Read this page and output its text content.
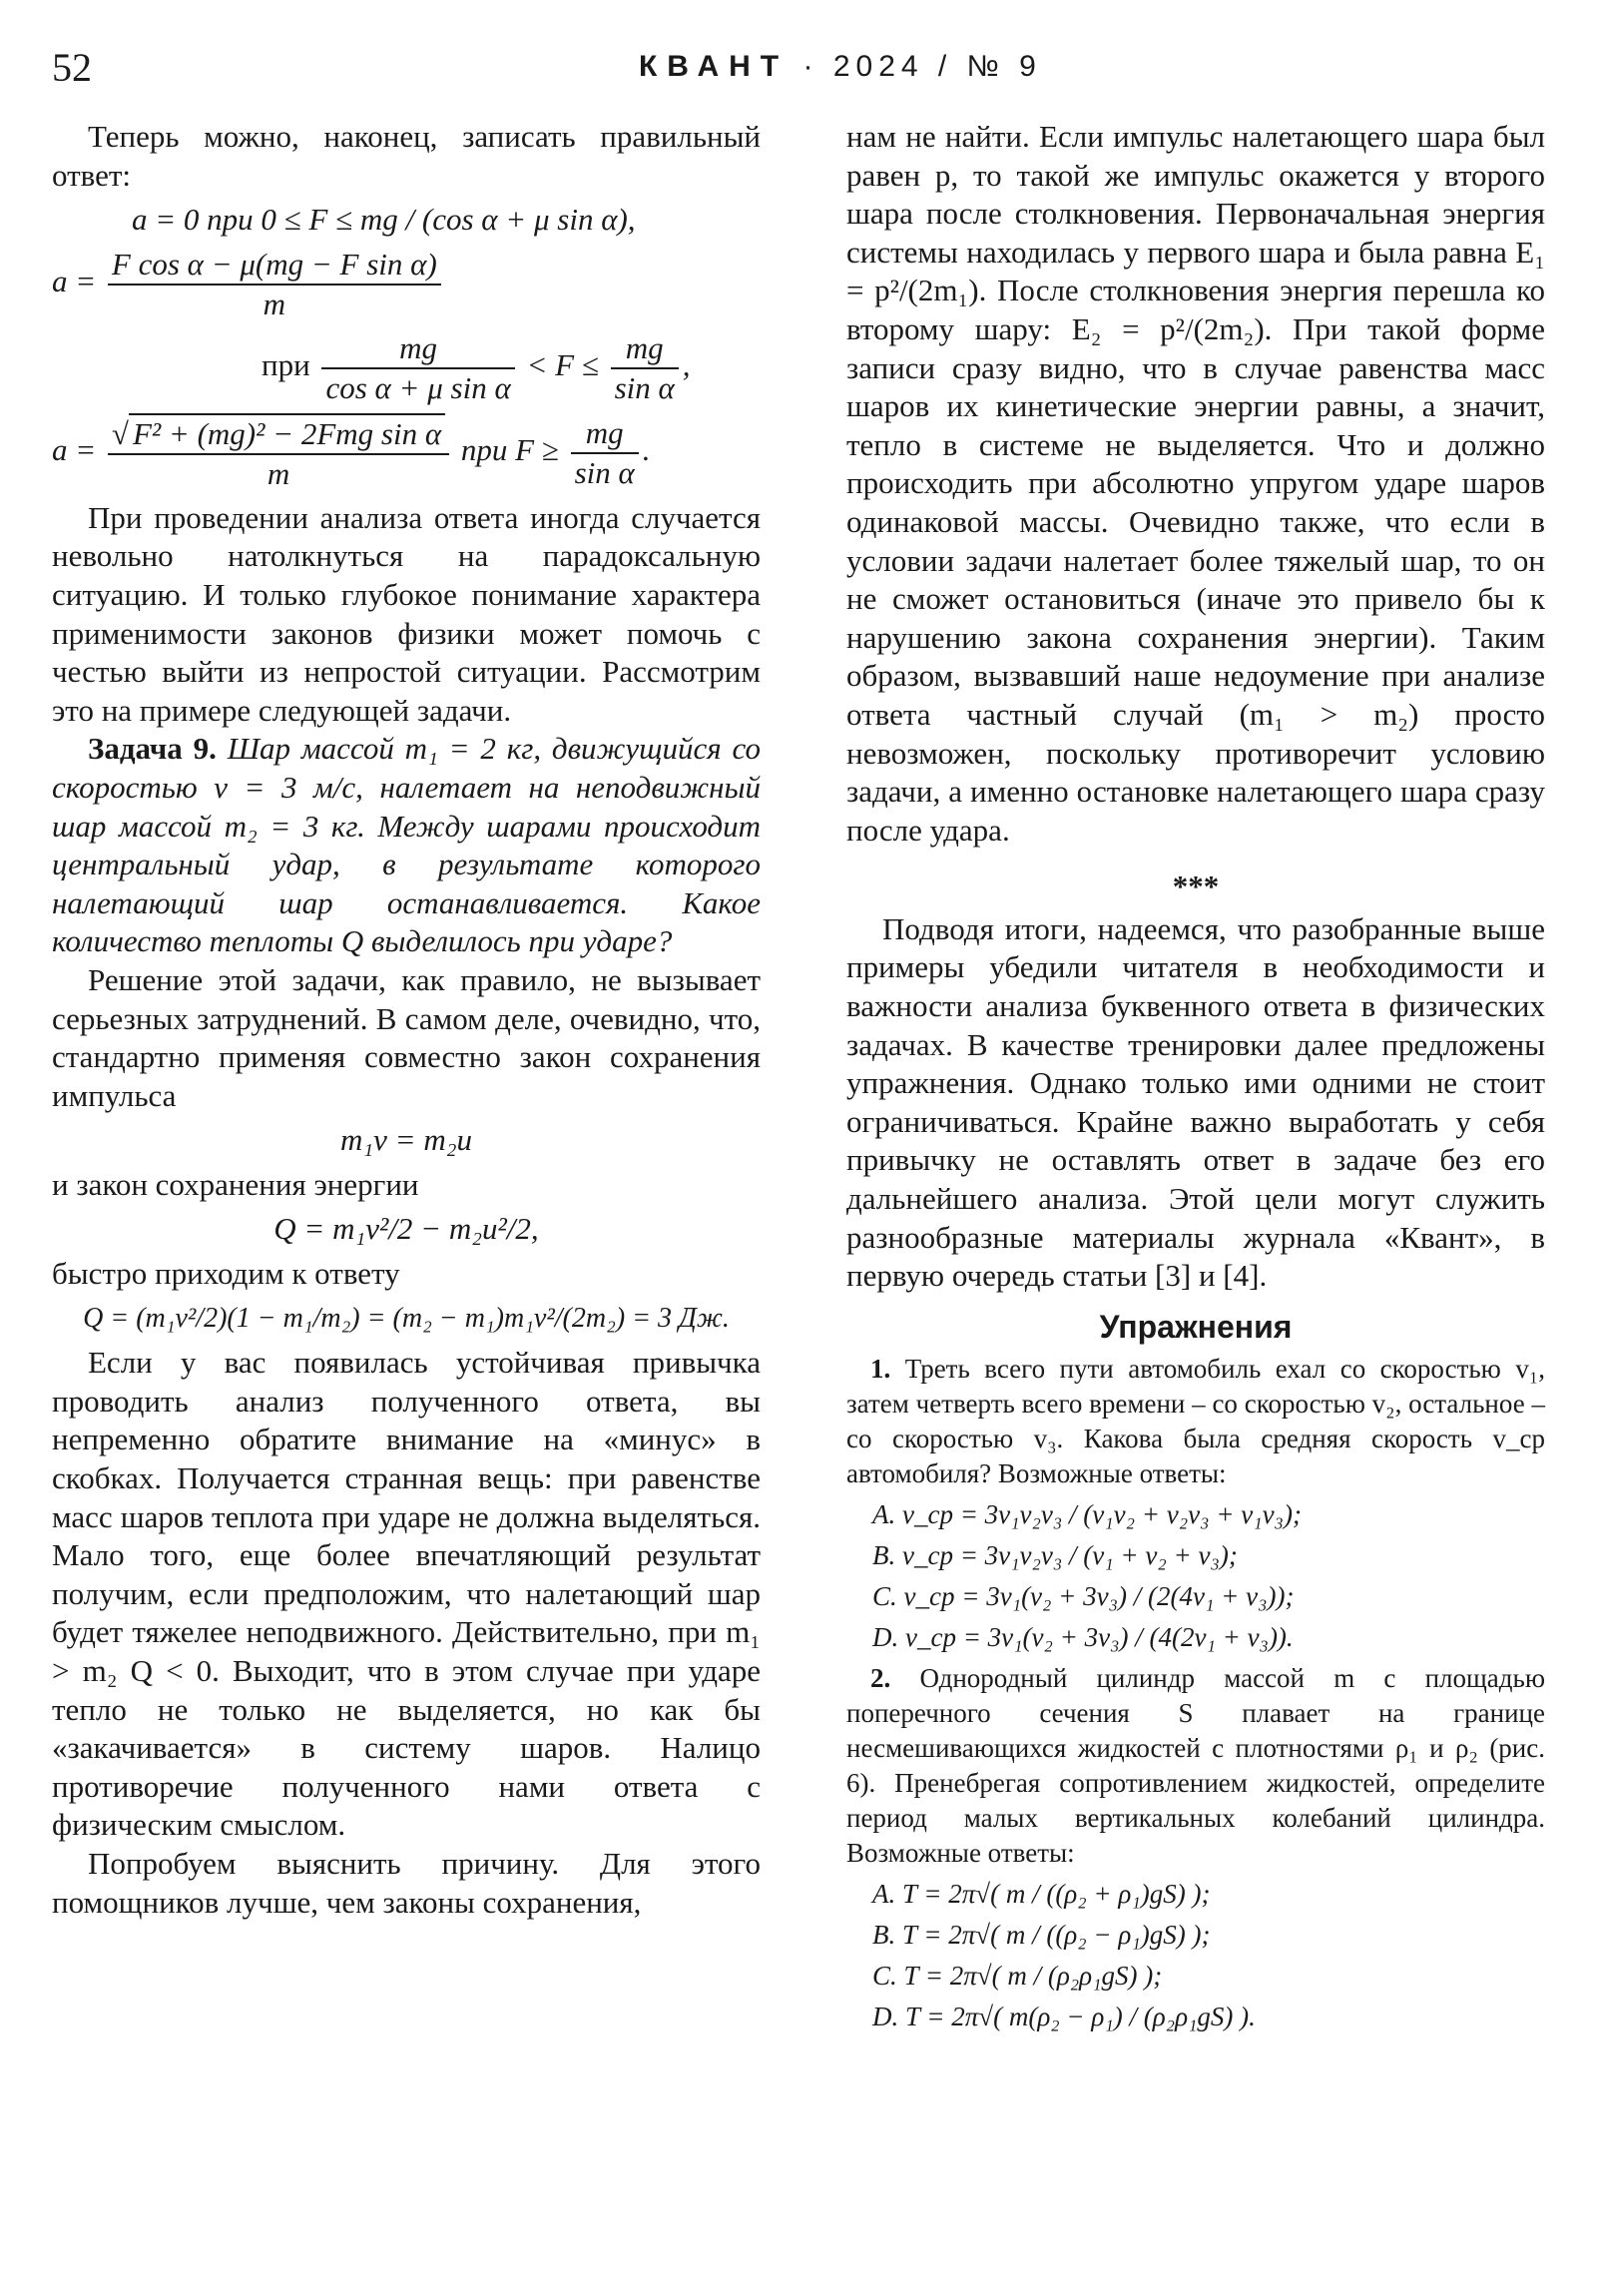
52	КВАНТ · 2024 / № 9

Теперь можно, наконец, записать правильный ответ:

a = 0 при 0 ≤ F ≤ mg / (cos α + μ sin α),
$a = \frac{\text{F cos α − μ(mg − F sin α)}}{m}$
при $\frac{mg}{\text{cos α + μ sin α}} < F \le \frac{mg}{\text{sin α}}$ ,
$a = \frac{\text{√ F² + (mg)² − 2Fmg sin α}}{m}$ при $F \ge \frac{mg}{\text{sin α}}$ .

При проведении анализа ответа иногда случается невольно натолкнуться на парадоксальную ситуацию. И только глубокое понимание характера применимости законов физики может помочь с честью выйти из непростой ситуации. Рассмотрим это на примере следующей задачи.

Задача 9. Шар массой m₁ = 2 кг, движущийся со скоростью v = 3 м/с, налетает на неподвижный шар массой m₂ = 3 кг. Между шарами происходит центральный удар, в результате которого налетающий шар останавливается. Какое количество теплоты Q выделилось при ударе?

Решение этой задачи, как правило, не вызывает серьезных затруднений. В самом деле, очевидно, что, стандартно применяя совместно закон сохранения импульса

m₁v = m₂u

и закон сохранения энергии

Q = m₁v²/2 − m₂u²/2,

быстро приходим к ответу

Q = (m₁v²/2)(1 − m₁/m₂) = (m₂ − m₁)m₁v²/(2m₂) = 3 Дж.

Если у вас появилась устойчивая привычка проводить анализ полученного ответа, вы непременно обратите внимание на «минус» в скобках. Получается странная вещь: при равенстве масс шаров теплота при ударе не должна выделяться. Мало того, еще более впечатляющий результат получим, если предположим, что налетающий шар будет тяжелее неподвижного. Действительно, при m₁ > m₂ Q < 0. Выходит, что в этом случае при ударе тепло не только не выделяется, но как бы «закачивается» в систему шаров. Налицо противоречие полученного нами ответа с физическим смыслом.

Попробуем выяснить причину. Для этого помощников лучше, чем законы сохранения,

нам не найти. Если импульс налетающего шара был равен p, то такой же импульс окажется у второго шара после столкновения. Первоначальная энергия системы находилась у первого шара и была равна E₁ = p²/(2m₁). После столкновения энергия перешла ко второму шару: E₂ = p²/(2m₂). При такой форме записи сразу видно, что в случае равенства масс шаров их кинетические энергии равны, а значит, тепло в системе не выделяется. Что и должно происходить при абсолютно упругом ударе шаров одинаковой массы. Очевидно также, что если в условии задачи налетает более тяжелый шар, то он не сможет остановиться (иначе это привело бы к нарушению закона сохранения энергии). Таким образом, вызвавший наше недоумение при анализе ответа частный случай (m₁ > m₂) просто невозможен, поскольку противоречит условию задачи, а именно остановке налетающего шара сразу после удара.

***

Подводя итоги, надеемся, что разобранные выше примеры убедили читателя в необходимости и важности анализа буквенного ответа в физических задачах. В качестве тренировки далее предложены упражнения. Однако только ими одними не стоит ограничиваться. Крайне важно выработать у себя привычку не оставлять ответ в задаче без его дальнейшего анализа. Этой цели могут служить разнообразные материалы журнала «Квант», в первую очередь статьи [3] и [4].

Упражнения

1. Треть всего пути автомобиль ехал со скоростью v₁, затем четверть всего времени – со скоростью v₂, остальное – со скоростью v₃. Какова была средняя скорость v_ср автомобиля? Возможные ответы:

A. v_ср = 3v₁v₂v₃ / (v₁v₂ + v₂v₃ + v₁v₃);
B. v_ср = 3v₁v₂v₃ / (v₁ + v₂ + v₃);
C. v_ср = 3v₁(v₂ + 3v₃) / (2(4v₁ + v₃));
D. v_ср = 3v₁(v₂ + 3v₃) / (4(2v₁ + v₃)).

2. Однородный цилиндр массой m с площадью поперечного сечения S плавает на границе несмешивающихся жидкостей с плотностями ρ₁ и ρ₂ (рис. 6). Пренебрегая сопротивлением жидкостей, определите период малых вертикальных колебаний цилиндра. Возможные ответы:

A. T = 2π√( m / ((ρ₂ + ρ₁)gS) );
B. T = 2π√( m / ((ρ₂ − ρ₁)gS) );
C. T = 2π√( m / (ρ₂ρ₁gS) );
D. T = 2π√( m(ρ₂ − ρ₁) / (ρ₂ρ₁gS) ).
